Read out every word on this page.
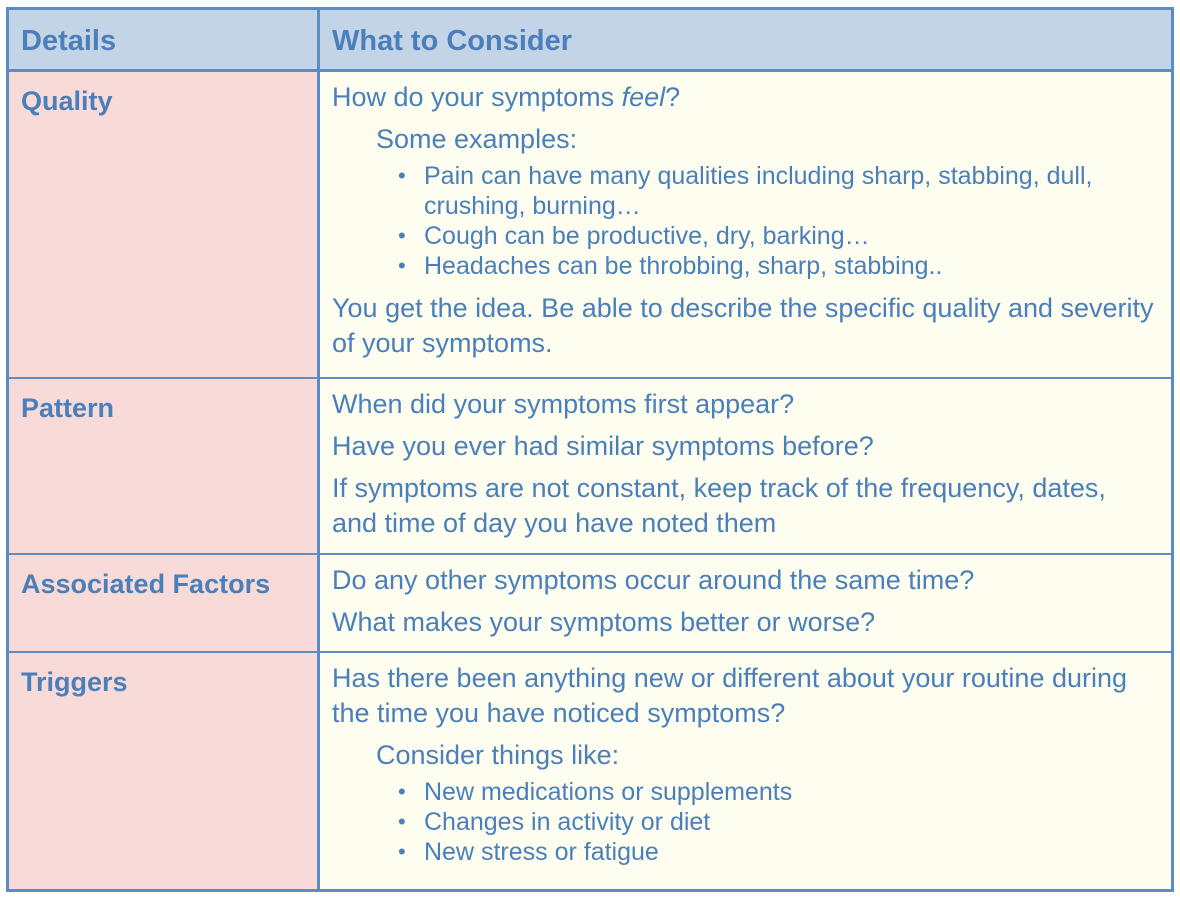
Details	What to Consider
Quality	How do your symptoms feel?
Some examples:
• Pain can have many qualities including sharp, stabbing, dull, crushing, burning…
• Cough can be productive, dry, barking…
• Headaches can be throbbing, sharp, stabbing..
You get the idea. Be able to describe the specific quality and severity of your symptoms.
Pattern	When did your symptoms first appear?
Have you ever had similar symptoms before?
If symptoms are not constant, keep track of the frequency, dates, and time of day you have noted them
Associated Factors	Do any other symptoms occur around the same time?
What makes your symptoms better or worse?
Triggers	Has there been anything new or different about your routine during the time you have noticed symptoms?
Consider things like:
• New medications or supplements
• Changes in activity or diet
• New stress or fatigue
